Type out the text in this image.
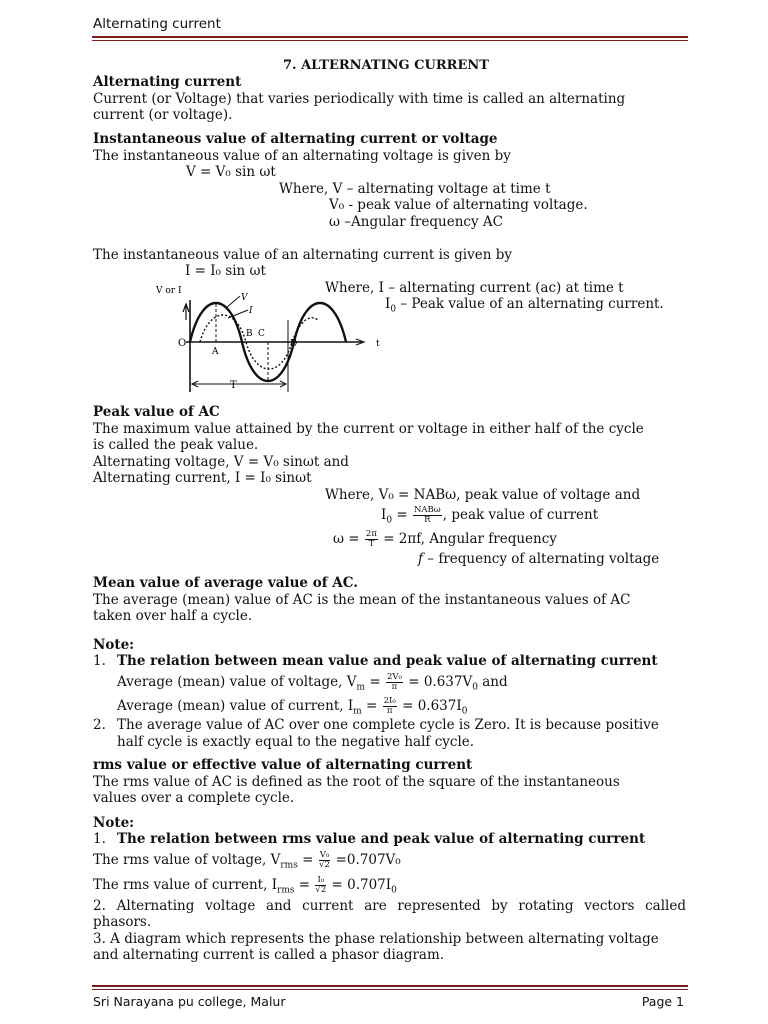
Alternating current
7. ALTERNATING CURRENT
Alternating current
Current (or Voltage) that varies periodically with time is called an alternating
current (or voltage).
Instantaneous value of alternating current or voltage
The instantaneous value of an alternating voltage is given by
V = V₀ sin ωt
Where, V – alternating voltage at time t
V₀ - peak value of alternating voltage.
ω –Angular frequency AC
The instantaneous value of an alternating current is given by
I = I₀ sin ωt
Where, I – alternating current (ac) at time t
$I_0$ – Peak value of an alternating current.
V or I
O
A
B C
D
V
I
t
T
Peak value of AC
The maximum value attained by the current or voltage in either half of the cycle
is called the peak value.
Alternating voltage, V = V₀ sinωt and
Alternating current, I = I₀ sinωt
Where, V₀ = NABω, peak value of voltage and
$I_0 = NAB\omega$
R , peak value of current
$\omega = \frac{2\pi}{T} = 2\pi f$, Angular frequency
f – frequency of alternating voltage
Mean value of average value of AC.
The average (mean) value of AC is the mean of the instantaneous values of AC
taken over half a cycle.
Note:
1. The relation between mean value and peak value of alternating current
Average (mean) value of voltage, $V_m = \frac{\text{2V₀}}{\pi} = 0.637V_0$ and
Average (mean) value of current, $I_m = \frac{\text{2I₀}}{\pi} = 0.637I_0$
2. The average value of AC over one complete cycle is Zero. It is because positive
half cycle is exactly equal to the negative half cycle.
rms value or effective value of alternating current
The rms value of AC is defined as the root of the square of the instantaneous
values over a complete cycle.
Note:
1. The relation between rms value and peak value of alternating current
The rms value of voltage, $V_{rms} = \frac{\text{V₀}}{√2} =0.707V_0$
The rms value of current, $I_{rms} = \frac{\text{I₀}}{√2} = 0.707I_0$
2. Alternating voltage and current are represented by rotating vectors called
phasors.
3. A diagram which represents the phase relationship between alternating voltage
and alternating current is called a phasor diagram.
Sri Narayana pu college, Malur	Page 1
